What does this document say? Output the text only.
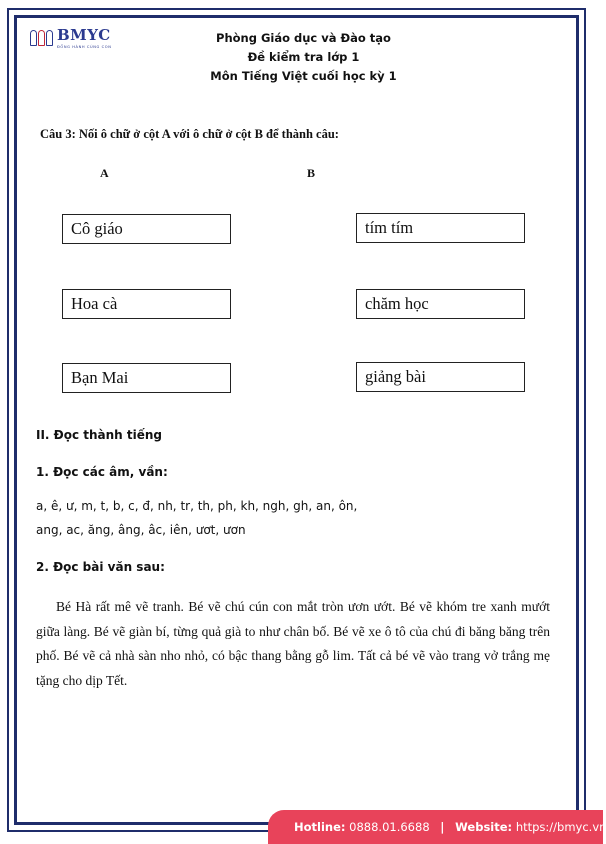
BMYC
ĐỒNG HÀNH CÙNG CON
Phòng Giáo dục và Đào tạo
Đề kiểm tra lớp 1
Môn Tiếng Việt cuối học kỳ 1
Câu 3: Nối ô chữ ở cột A với ô chữ ở cột B để thành câu:
A	B
Cô giáo
Hoa cà
Bạn Mai
tím tím
chăm học
giảng bài
II. Đọc thành tiếng
1. Đọc các âm, vần:
a, ê, ư, m, t, b, c, đ, nh, tr, th, ph, kh, ngh, gh, an, ôn,
ang, ac, ăng, âng, âc, iên, ươt, ươn
2. Đọc bài văn sau:
Bé Hà rất mê vẽ tranh. Bé vẽ chú cún con mắt tròn ươn ướt. Bé vẽ khóm tre xanh mướt giữa làng. Bé vẽ giàn bí, từng quả già to như chân bố. Bé vẽ xe ô tô của chú đi băng băng trên phố. Bé vẽ cả nhà sàn nho nhỏ, có bậc thang bằng gỗ lim. Tất cả bé vẽ vào trang vở trắng mẹ tặng cho dịp Tết.
Hotline: 0888.01.6688 | Website: https://bmyc.vn
